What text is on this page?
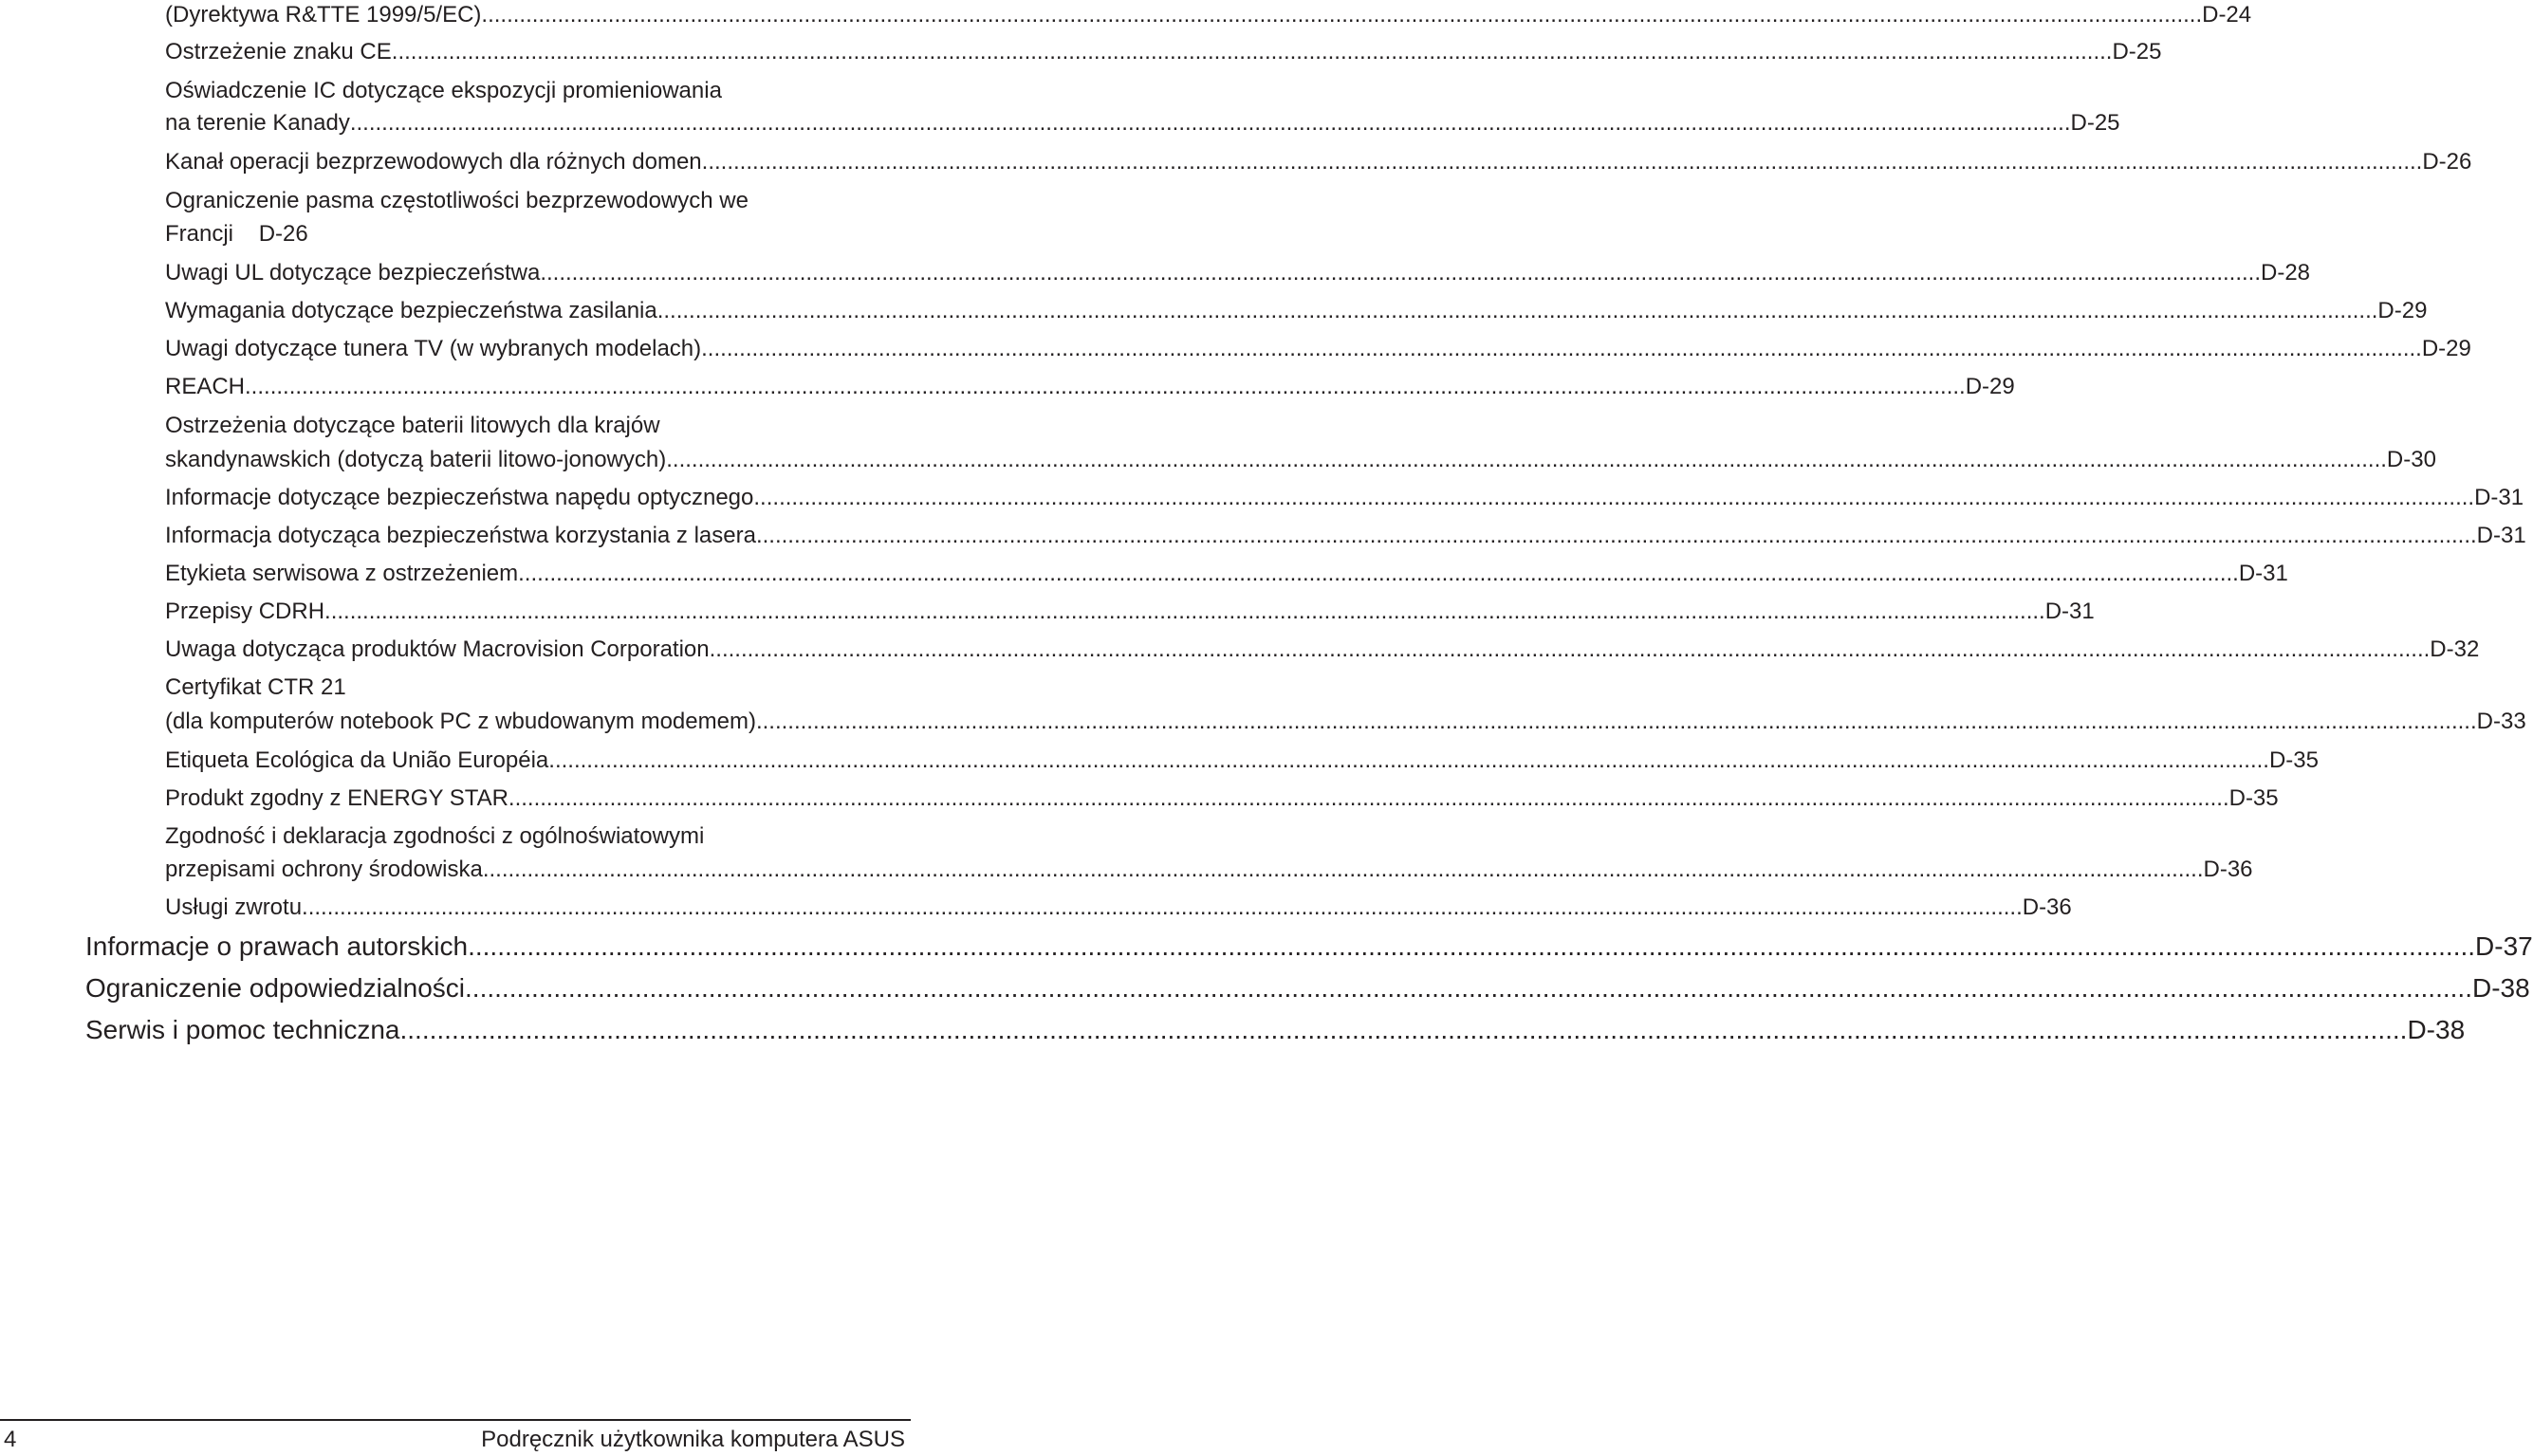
(Dyrektywa R&TTE 1999/5/EC) .....	D-24
Ostrzeżenie znaku CE .....	D-25
Oświadczenie IC dotyczące ekspozycji promieniowania
na terenie Kanady .....	D-25
Kanał operacji bezprzewodowych dla różnych domen .....	D-26
Ograniczenie pasma częstotliwości bezprzewodowych we
Francji D-26
Uwagi UL dotyczące bezpieczeństwa .....	D-28
Wymagania dotyczące bezpieczeństwa zasilania .....	D-29
Uwagi dotyczące tunera TV (w wybranych modelach) .....	D-29
REACH .....	D-29
Ostrzeżenia dotyczące baterii litowych dla krajów
skandynawskich (dotyczą baterii litowo-jonowych) .....	D-30
Informacje dotyczące bezpieczeństwa napędu optycznego .....	D-31
Informacja dotycząca bezpieczeństwa korzystania z lasera .....	D-31
Etykieta serwisowa z ostrzeżeniem .....	D-31
Przepisy CDRH .....	D-31
Uwaga dotycząca produktów Macrovision Corporation .....	D-32
Certyfikat CTR 21
(dla komputerów notebook PC z wbudowanym modemem) .....	D-33
Etiqueta Ecológica da União Européia .....	D-35
Produkt zgodny z ENERGY STAR .....	D-35
Zgodność i deklaracja zgodności z ogólnoświatowymi
przepisami ochrony środowiska .....	D-36
Usługi zwrotu .....	D-36
Informacje o prawach autorskich .....	D-37
Ograniczenie odpowiedzialności .....	D-38
Serwis i pomoc techniczna .....	D-38
4	Podręcznik użytkownika komputera ASUS
